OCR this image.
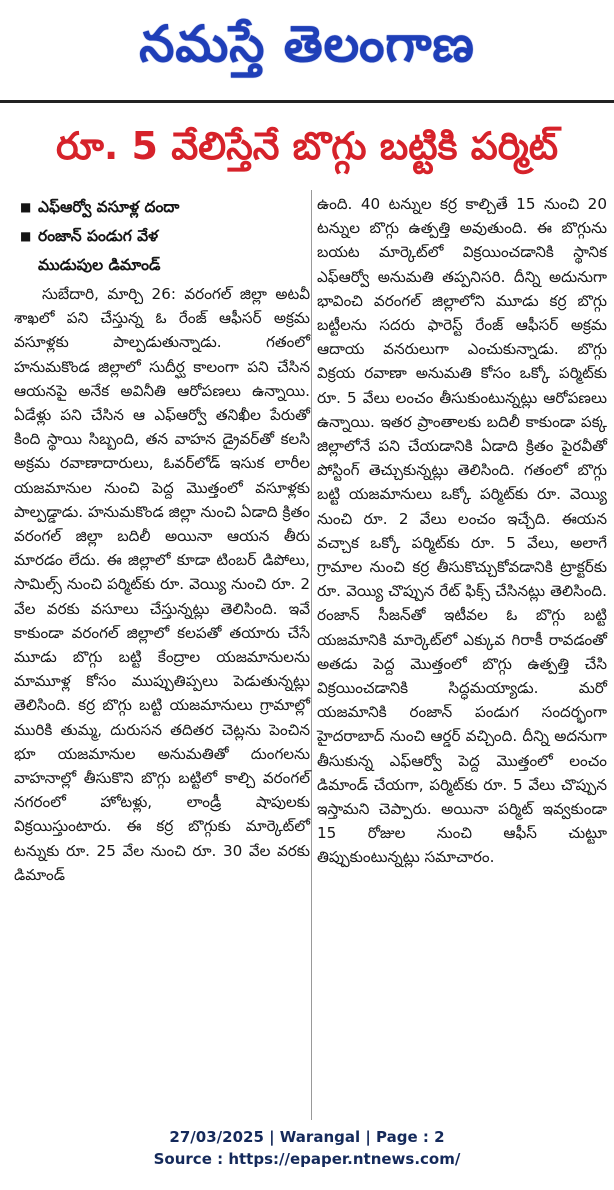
నమస్తే తెలంగాణ
రూ. 5 వేలిస్తేనే బొగ్గు బట్టికి పర్మిట్
■ ఎఫ్ఆర్వో వసూళ్ల దందా
■ రంజాన్ పండుగ వేళ
ముడుపుల డిమాండ్

సుబేదారి, మార్చి 26: వరంగల్ జిల్లా అటవీ శాఖలో పని చేస్తున్న ఓ రేంజ్ ఆఫీసర్ అక్రమ వసూళ్లకు పాల్పడుతున్నాడు. గతంలో హనుమకొండ జిల్లాలో సుదీర్ఘ కాలంగా పని చేసిన ఆయనపై అనేక అవినీతి ఆరోపణలు ఉన్నాయి. ఏడేళ్లు పని చేసిన ఆ ఎఫ్ఆర్వో తనిఖీల పేరుతో కింది స్థాయి సిబ్బంది, తన వాహన డ్రైవర్‌తో కలసి అక్రమ రవాణాదారులు, ఓవర్‌లోడ్ ఇసుక లారీల యజమానుల నుంచి పెద్ద మొత్తంలో వసూళ్లకు పాల్పడ్డాడు. హనుమకొండ జిల్లా నుంచి ఏడాది క్రితం వరంగల్ జిల్లా బదిలీ అయినా ఆయన తీరు మారడం లేదు. ఈ జిల్లాలో కూడా టింబర్ డిపోలు, సామిల్స్ నుంచి పర్మిట్‌కు రూ. వెయ్యి నుంచి రూ. 2 వేల వరకు వసూలు చేస్తున్నట్లు తెలిసింది. ఇవే కాకుండా వరంగల్ జిల్లాలో కలపతో తయారు చేసే మూడు బొగ్గు బట్టి కేంద్రాల యజమానులను మామూళ్ల కోసం ముప్పుతిప్పలు పెడుతున్నట్లు తెలిసింది. కర్ర బొగ్గు బట్టి యజమానులు గ్రామాల్లో మురికి తుమ్మ, దురుసన తదితర చెట్లను పెంచిన భూ యజమానుల అనుమతితో దుంగలను వాహనాల్లో తీసుకొని బొగ్గు బట్టిలో కాల్చి వరంగల్ నగరంలో హోటళ్లు, లాండ్రీ షాపులకు విక్రయిస్తుంటారు. ఈ కర్ర బొగ్గుకు మార్కెట్‌లో టన్నుకు రూ. 25 వేల నుంచి రూ. 30 వేల వరకు డిమాండ్

ఉంది. 40 టన్నుల కర్ర కాల్చితే 15 నుంచి 20 టన్నుల బొగ్గు ఉత్పత్తి అవుతుంది. ఈ బొగ్గును బయట మార్కెట్‌లో విక్రయించడానికి స్థానిక ఎఫ్ఆర్వో అనుమతి తప్పనిసరి. దీన్ని అదునుగా భావించి వరంగల్ జిల్లాలోని మూడు కర్ర బొగ్గు బట్టీలను సదరు ఫారెస్ట్ రేంజ్ ఆఫీసర్ అక్రమ ఆదాయ వనరులుగా ఎంచుకున్నాడు. బొగ్గు విక్రయ రవాణా అనుమతి కోసం ఒక్కో పర్మిట్‌కు రూ. 5 వేలు లంచం తీసుకుంటున్నట్లు ఆరోపణలు ఉన్నాయి. ఇతర ప్రాంతాలకు బదిలీ కాకుండా పక్క జిల్లాలోనే పని చేయడానికి ఏడాది క్రితం పైరవీతో పోస్టింగ్ తెచ్చుకున్నట్లు తెలిసింది. గతంలో బొగ్గు బట్టి యజమానులు ఒక్కో పర్మిట్‌కు రూ. వెయ్యి నుంచి రూ. 2 వేలు లంచం ఇచ్చేది. ఈయన వచ్చాక ఒక్కో పర్మిట్‌కు రూ. 5 వేలు, అలాగే గ్రామాల నుంచి కర్ర తీసుకొచ్చుకోవడానికి ట్రాక్టర్‌కు రూ. వెయ్యి చొప్పున రేట్ ఫిక్స్ చేసినట్లు తెలిసింది. రంజాన్ సీజన్‌తో ఇటీవల ఓ బొగ్గు బట్టి యజమానికి మార్కెట్‌లో ఎక్కువ గిరాకీ రావడంతో అతడు పెద్ద మొత్తంలో బొగ్గు ఉత్పత్తి చేసి విక్రయించడానికి సిద్ధమయ్యాడు. మరో యజమానికి రంజాన్ పండుగ సందర్భంగా హైదరాబాద్ నుంచి ఆర్డర్ వచ్చింది. దీన్ని అదనుగా తీసుకున్న ఎఫ్ఆర్వో పెద్ద మొత్తంలో లంచం డిమాండ్ చేయగా, పర్మిట్‌కు రూ. 5 వేలు చొప్పున ఇస్తామని చెప్పారు. అయినా పర్మిట్ ఇవ్వకుండా 15 రోజుల నుంచి ఆఫీస్ చుట్టూ తిప్పుకుంటున్నట్లు సమాచారం.

27/03/2025 | Warangal | Page : 2
Source : https://epaper.ntnews.com/
